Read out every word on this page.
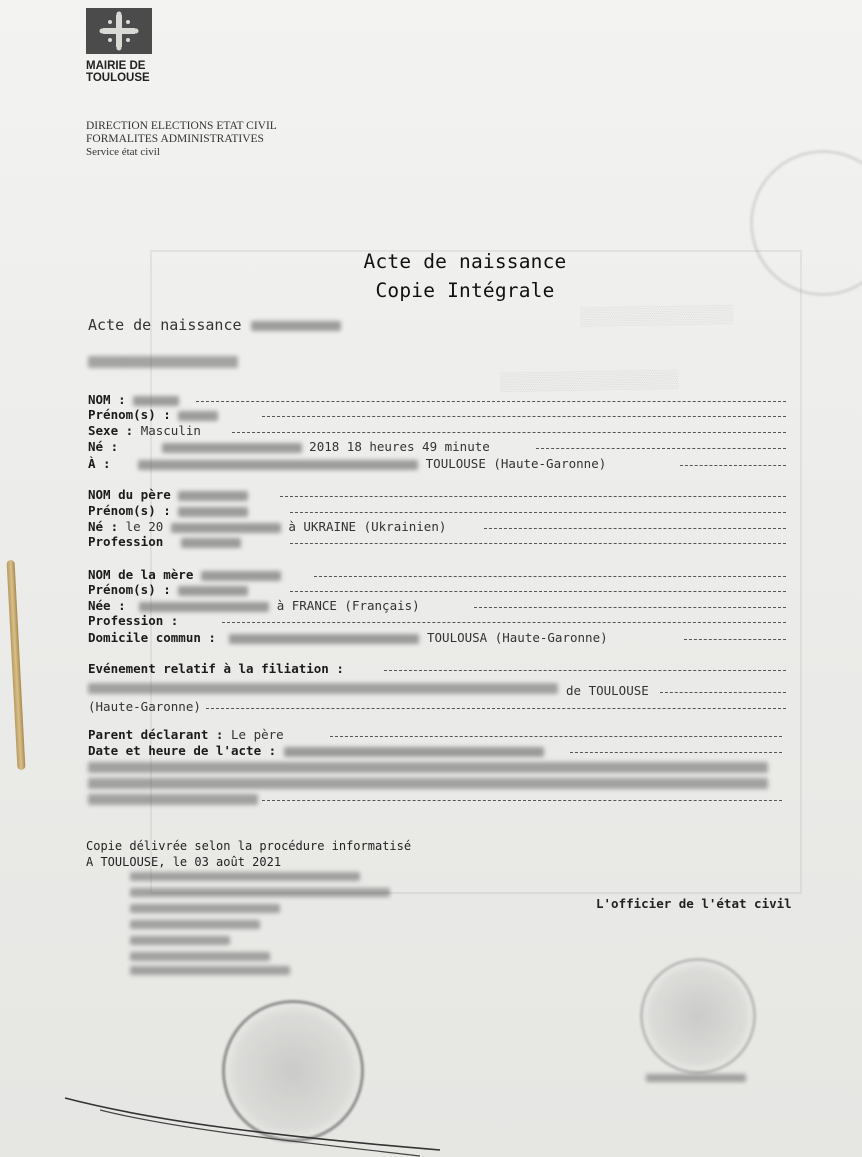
MAIRIE DE
TOULOUSE
DIRECTION ELECTIONS ETAT CIVIL
FORMALITES ADMINISTRATIVES
Service état civil
▒▒▒▒▒▒▒▒▒▒▒▒▒▒
▒▒▒▒▒▒▒▒▒▒▒▒
Acte de naissance
Copie Intégrale
Acte de naissance
NOM :
Prénom(s) :
Sexe : Masculin
Né :	2018 18 heures 49 minute
À :	TOULOUSE (Haute-Garonne)
NOM du père
Prénom(s) :
Né : le 20	à UKRAINE (Ukrainien)
Profession
NOM de la mère
Prénom(s) :
Née :	à FRANCE (Français)
Profession :
Domicile commun :	TOULOUSA (Haute-Garonne)
Evénement relatif à la filiation :
de TOULOUSE
(Haute-Garonne)
Parent déclarant : Le père
Date et heure de l'acte :
Copie délivrée selon la procédure informatisé
A TOULOUSE, le 03 août 2021
L'officier de l'état civil
